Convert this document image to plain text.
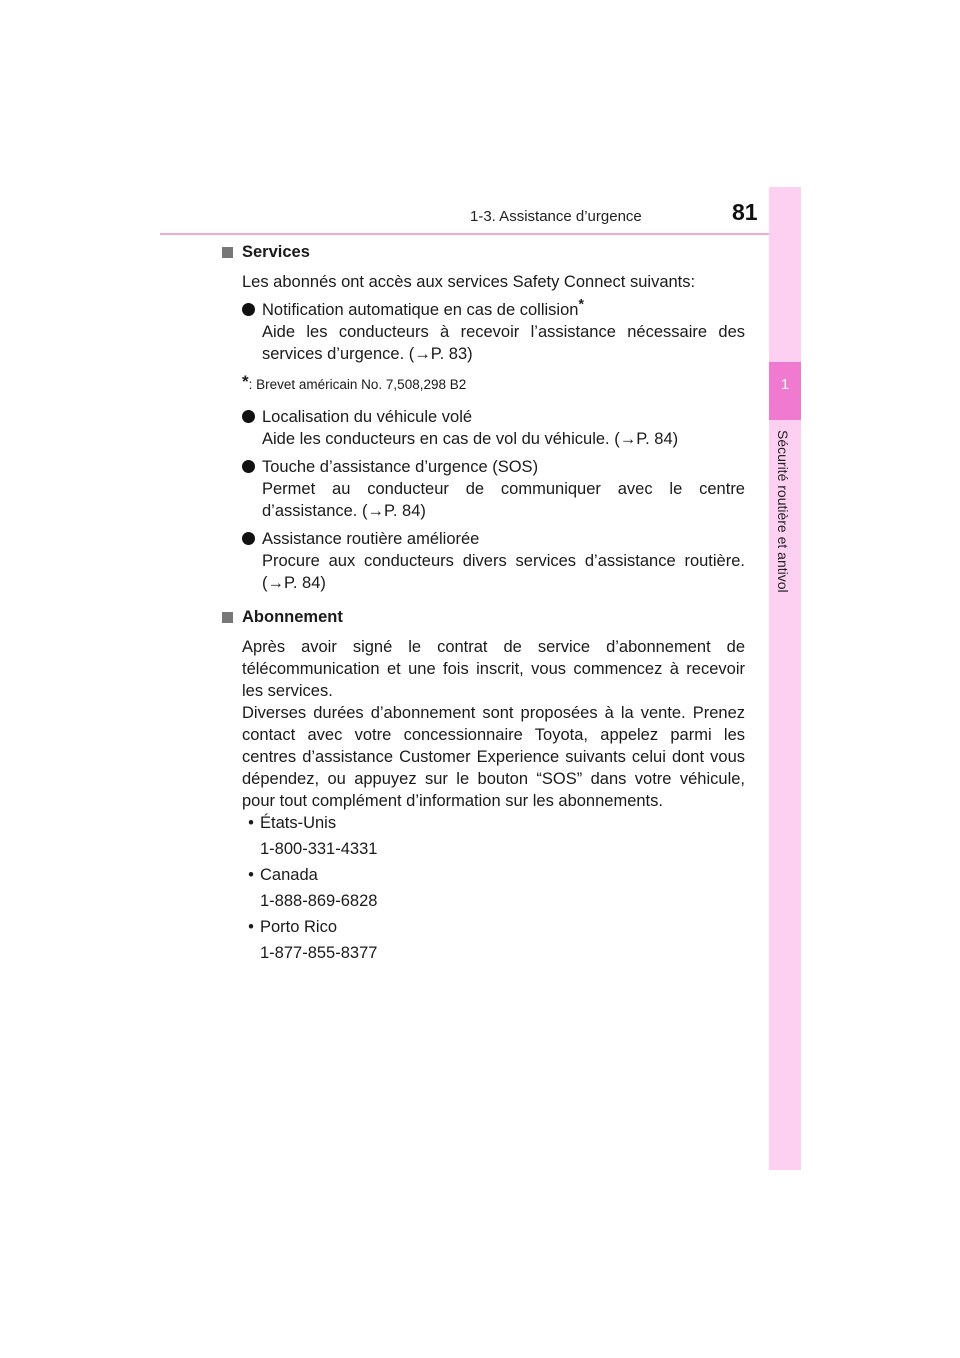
1-3. Assistance d’urgence	81
1
Sécurité routière et antivol
Services

Les abonnés ont accès aux services Safety Connect suivants:

Notification automatique en cas de collision*
Aide les conducteurs à recevoir l’assistance nécessaire des services d’urgence. (→P. 83)
*: Brevet américain No. 7,508,298 B2
Localisation du véhicule volé
Aide les conducteurs en cas de vol du véhicule. (→P. 84)
Touche d’assistance d’urgence (SOS)
Permet au conducteur de communiquer avec le centre d’assistance. (→P. 84)
Assistance routière améliorée
Procure aux conducteurs divers services d’assistance routière. (→P. 84)
Abonnement

Après avoir signé le contrat de service d’abonnement de télécommunication et une fois inscrit, vous commencez à recevoir les services.

Diverses durées d’abonnement sont proposées à la vente. Prenez contact avec votre concessionnaire Toyota, appelez parmi les centres d’assistance Customer Experience suivants celui dont vous dépendez, ou appuyez sur le bouton “SOS” dans votre véhicule, pour tout complément d’information sur les abonnements.

• États-Unis
1-800-331-4331
• Canada
1-888-869-6828
• Porto Rico
1-877-855-8377
